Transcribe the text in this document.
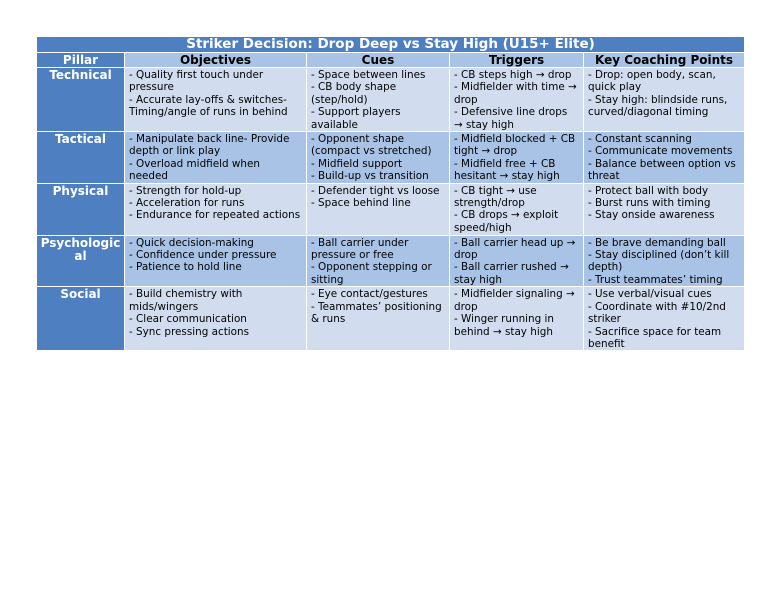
Striker Decision: Drop Deep vs Stay High (U15+ Elite)				
Pillar	Objectives	Cues	Triggers	Key Coaching Points
Technical	- Quality first touch under pressure
- Accurate lay-offs & switches- Timing/angle of runs in behind	- Space between lines
- CB body shape (step/hold)
- Support players available	- CB steps high → drop
- Midfielder with time → drop
- Defensive line drops → stay high	- Drop: open body, scan, quick play
- Stay high: blindside runs, curved/diagonal timing

Tactical	- Manipulate back line- Provide depth or link play
- Overload midfield when needed	- Opponent shape (compact vs stretched)
- Midfield support
- Build-up vs transition	- Midfield blocked + CB tight → drop
- Midfield free + CB hesitant → stay high	- Constant scanning
- Communicate movements
- Balance between option vs threat

Physical	- Strength for hold-up
- Acceleration for runs
- Endurance for repeated actions	- Defender tight vs loose
- Space behind line	- CB tight → use strength/drop
- CB drops → exploit speed/high	- Protect ball with body
- Burst runs with timing
- Stay onside awareness

Psychological	- Quick decision-making
- Confidence under pressure
- Patience to hold line	- Ball carrier under pressure or free
- Opponent stepping or sitting	- Ball carrier head up → drop
- Ball carrier rushed → stay high	- Be brave demanding ball
- Stay disciplined (don’t kill depth)
- Trust teammates’ timing

Social	- Build chemistry with mids/wingers
- Clear communication
- Sync pressing actions	- Eye contact/gestures
- Teammates’ positioning & runs	- Midfielder signaling → drop
- Winger running in behind → stay high	- Use verbal/visual cues
- Coordinate with #10/2nd striker
- Sacrifice space for team benefit
